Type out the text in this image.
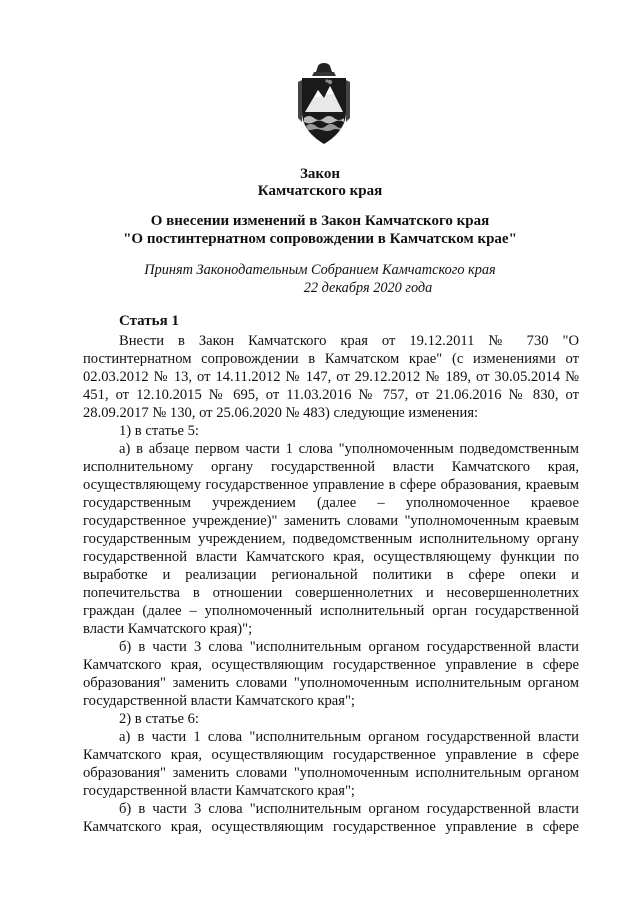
Закон
Камчатского края
О внесении изменений в Закон Камчатского края
"О постинтернатном сопровождении в Камчатском крае"
Принят Законодательным Собранием Камчатского края
22 декабря 2020 года
Статья 1

Внести в Закон Камчатского края от 19.12.2011 № 730 "О постинтернатном сопровождении в Камчатском крае" (с изменениями от 02.03.2012 № 13, от 14.11.2012 № 147, от 29.12.2012 № 189, от 30.05.2014 № 451, от 12.10.2015 № 695, от 11.03.2016 № 757, от 21.06.2016 № 830, от 28.09.2017 № 130, от 25.06.2020 № 483) следующие изменения:

1) в статье 5:

а) в абзаце первом части 1 слова "уполномоченным подведомственным исполнительному органу государственной власти Камчатского края, осуществляющему государственное управление в сфере образования, краевым государственным учреждением (далее – уполномоченное краевое государственное учреждение)" заменить словами "уполномоченным краевым государственным учреждением, подведомственным исполнительному органу государственной власти Камчатского края, осуществляющему функции по выработке и реализации региональной политики в сфере опеки и попечительства в отношении совершеннолетних и несовершеннолетних граждан (далее – уполномоченный исполнительный орган государственной власти Камчатского края)";

б) в части 3 слова "исполнительным органом государственной власти Камчатского края, осуществляющим государственное управление в сфере образования" заменить словами "уполномоченным исполнительным органом государственной власти Камчатского края";

2) в статье 6:

а) в части 1 слова "исполнительным органом государственной власти Камчатского края, осуществляющим государственное управление в сфере образования" заменить словами "уполномоченным исполнительным органом государственной власти Камчатского края";

б) в части 3 слова "исполнительным органом государственной власти Камчатского края, осуществляющим государственное управление в сфере
